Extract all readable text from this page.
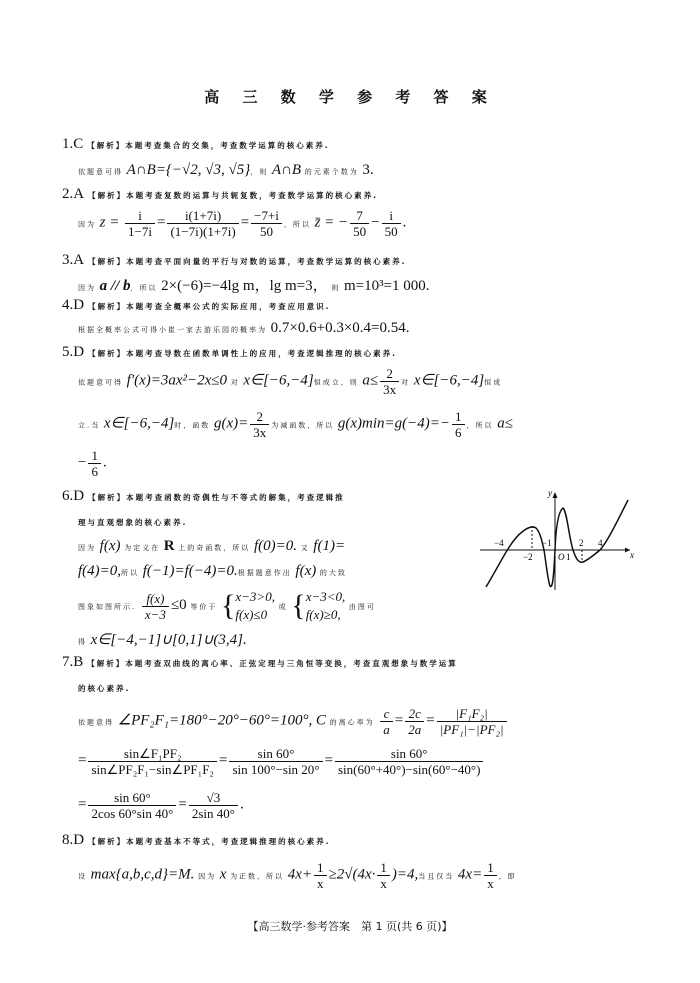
高 三 数 学 参 考 答 案
1.C 【解析】本题考查集合的交集，考查数学运算的核心素养.
依题意可得 A∩B={−√2, √3, √5}，则 A∩B 的元素个数为 3.
2.A 【解析】本题考查复数的运算与共轭复数，考查数学运算的核心素养.
因为 $z = \frac{i}{1-7i} = \frac{i(1+7i)}{(1-7i)(1+7i)} = \frac{-7+i}{50}$ ，所以 z̄ = − $\frac{7}{50} - \frac{i}{50}$ .
3.A 【解析】本题考查平面向量的平行与对数的运算，考查数学运算的核心素养.
因为 a // b，所以 2×(−6)=−4lg m，lg m=3， 则 m=10³=1 000.
4.D 【解析】本题考查全概率公式的实际应用，考查应用意识.
根据全概率公式可得小崔一家去游乐园的概率为 0.7×0.6+0.3×0.4=0.54.
5.D 【解析】本题考查导数在函数单调性上的应用，考查逻辑推理的核心素养.
依题意可得 f′(x)=3ax²−2x≤0 对 x∈[−6,−4]恒成立，则 $a\le \frac{2}{3x}$ 对 x∈[−6,−4]恒成
立.当 x∈[−6,−4]时，函数 $g(x)= \frac{2}{3x}$ 为减函数，所以 $g(x)\min=g(-4)=- \frac{1}{6}$ ，所以 a≤
− $\frac{1}{6}$ .
6.D 【解析】本题考查函数的奇偶性与不等式的解集，考查逻辑推
理与直观想象的核心素养.
因为 f(x) 为定义在 R 上的奇函数，所以 f(0)=0. 又 f(1)=
f(4)=0,所以 f(−1)=f(−4)=0.根据题意作出 f(x) 的大致
图象如图所示. $\frac{f(x)}{x-3} \le 0$ 等价于 { x−3>0,
f(x)≤0	或 { x−3<0,
f(x)≥0,	由图可
得 x∈[−4,−1]∪[0,1]∪(3,4].
y
x
O
−4
−2
−1
1
2 4
7.B 【解析】本题考查双曲线的离心率、正弦定理与三角恒等变换，考查直观想象与数学运算
的核心素养.
依题意得 ∠PF₂F₁=180°−20°−60°=100°, C 的离心率为 $\frac{c}{a} = \frac{2c}{2a} = \frac{\text{|F₁F₂|}}{\text{|PF₁|−|PF₂|}}$
= $\frac{\text{sin∠F₁PF₂}}{\text{sin∠PF₂F₁−sin∠PF₁F₂}} = \frac{\sin 60^\circ}{\sin 100^\circ-\sin 20^\circ} = \frac{\sin 60^\circ}{\sin(60^\circ+40^\circ)-\sin(60^\circ-40^\circ)}$
= $\frac{\sin 60^\circ}{2\cos 60^\circ\sin 40^\circ} = \frac{√3}{2\sin 40^\circ}$ .
8.D 【解析】本题考查基本不等式，考查逻辑推理的核心素养.
设 max{a,b,c,d}=M. 因为 x 为正数，所以 $4x+ \frac{1}{x} \ge 2√(4x\cdot \frac{1}{x} )=4$,当且仅当 $4x= \frac{1}{x}$ ，即
【高三数学·参考答案　第 1 页(共 6 页)】
